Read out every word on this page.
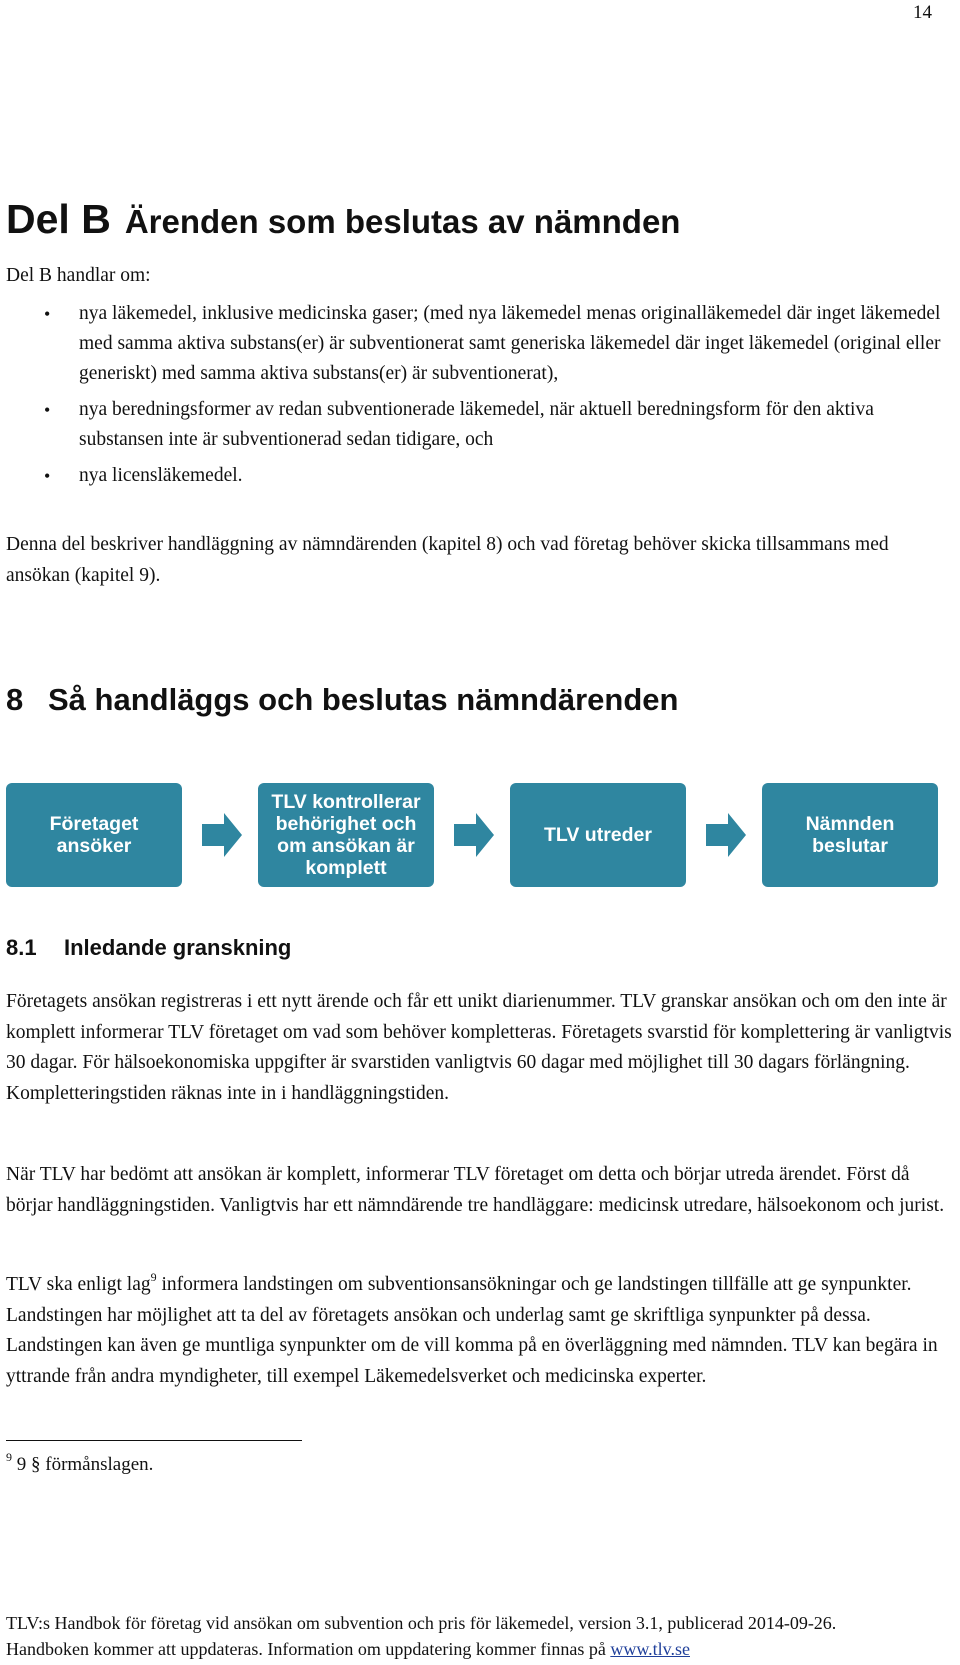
14
Del B Ärenden som beslutas av nämnden
Del B handlar om:
• nya läkemedel, inklusive medicinska gaser; (med nya läkemedel menas originalläkemedel där inget läkemedel med samma aktiva substans(er) är subventionerat samt generiska läkemedel där inget läkemedel (original eller generiskt) med samma aktiva substans(er) är subventionerat),
• nya beredningsformer av redan subventionerade läkemedel, när aktuell beredningsform för den aktiva substansen inte är subventionerad sedan tidigare, och
• nya licensläkemedel.

Denna del beskriver handläggning av nämndärenden (kapitel 8) och vad företag behöver skicka tillsammans med ansökan (kapitel 9).

8 Så handläggs och beslutas nämndärenden
Företaget ansöker
TLV kontrollerar behörighet och om ansökan är komplett
TLV utreder	Nämnden beslutar
8.1 Inledande granskning

Företagets ansökan registreras i ett nytt ärende och får ett unikt diarienummer. TLV granskar ansökan och om den inte är komplett informerar TLV företaget om vad som behöver kompletteras. Företagets svarstid för komplettering är vanligtvis 30 dagar. För hälsoekonomiska uppgifter är svarstiden vanligtvis 60 dagar med möjlighet till 30 dagars förlängning. Kompletteringstiden räknas inte in i handläggningstiden.

När TLV har bedömt att ansökan är komplett, informerar TLV företaget om detta och börjar utreda ärendet. Först då börjar handläggningstiden. Vanligtvis har ett nämndärende tre handläggare: medicinsk utredare, hälsoekonom och jurist.

TLV ska enligt lag$^9$ informera landstingen om subventionsansökningar och ge landstingen tillfälle att ge synpunkter. Landstingen har möjlighet att ta del av företagets ansökan och underlag samt ge skriftliga synpunkter på dessa. Landstingen kan även ge muntliga synpunkter om de vill komma på en överläggning med nämnden. TLV kan begära in yttrande från andra myndigheter, till exempel Läkemedelsverket och medicinska experter.

$^9$ 9 § förmånslagen.
TLV:s Handbok för företag vid ansökan om subvention och pris för läkemedel, version 3.1, publicerad 2014-09-26.
Handboken kommer att uppdateras. Information om uppdatering kommer finnas på www.tlv.se
